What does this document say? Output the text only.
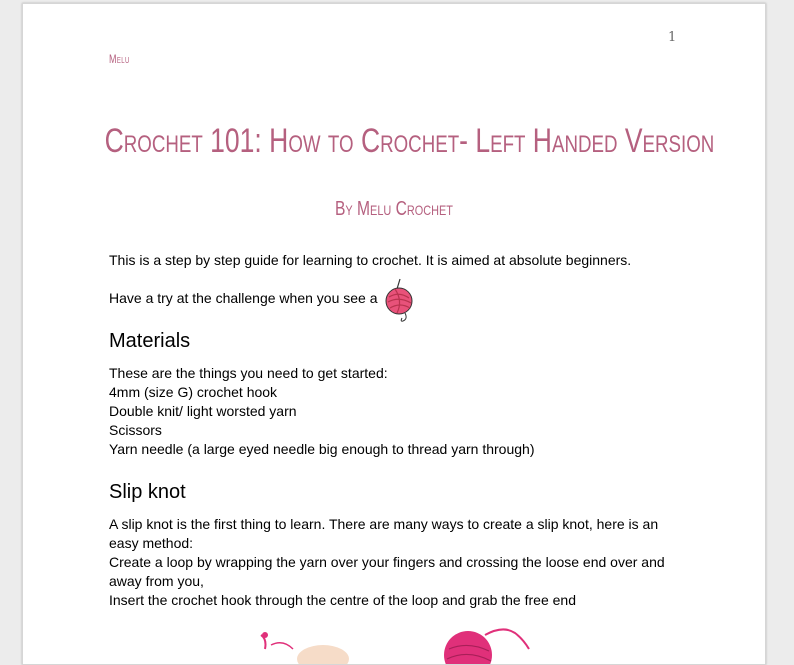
1
Melu
Crochet 101: How to Crochet- Left Handed Version
By Melu Crochet
This is a step by step guide for learning to crochet. It is aimed at absolute beginners.
Have a try at the challenge when you see a
Materials
These are the things you need to get started:
4mm (size G) crochet hook
Double knit/ light worsted yarn
Scissors
Yarn needle (a large eyed needle big enough to thread yarn through)
Slip knot
A slip knot is the first thing to learn. There are many ways to create a slip knot, here is an
easy method:
Create a loop by wrapping the yarn over your fingers and crossing the loose end over and
away from you,
Insert the crochet hook through the centre of the loop and grab the free end
